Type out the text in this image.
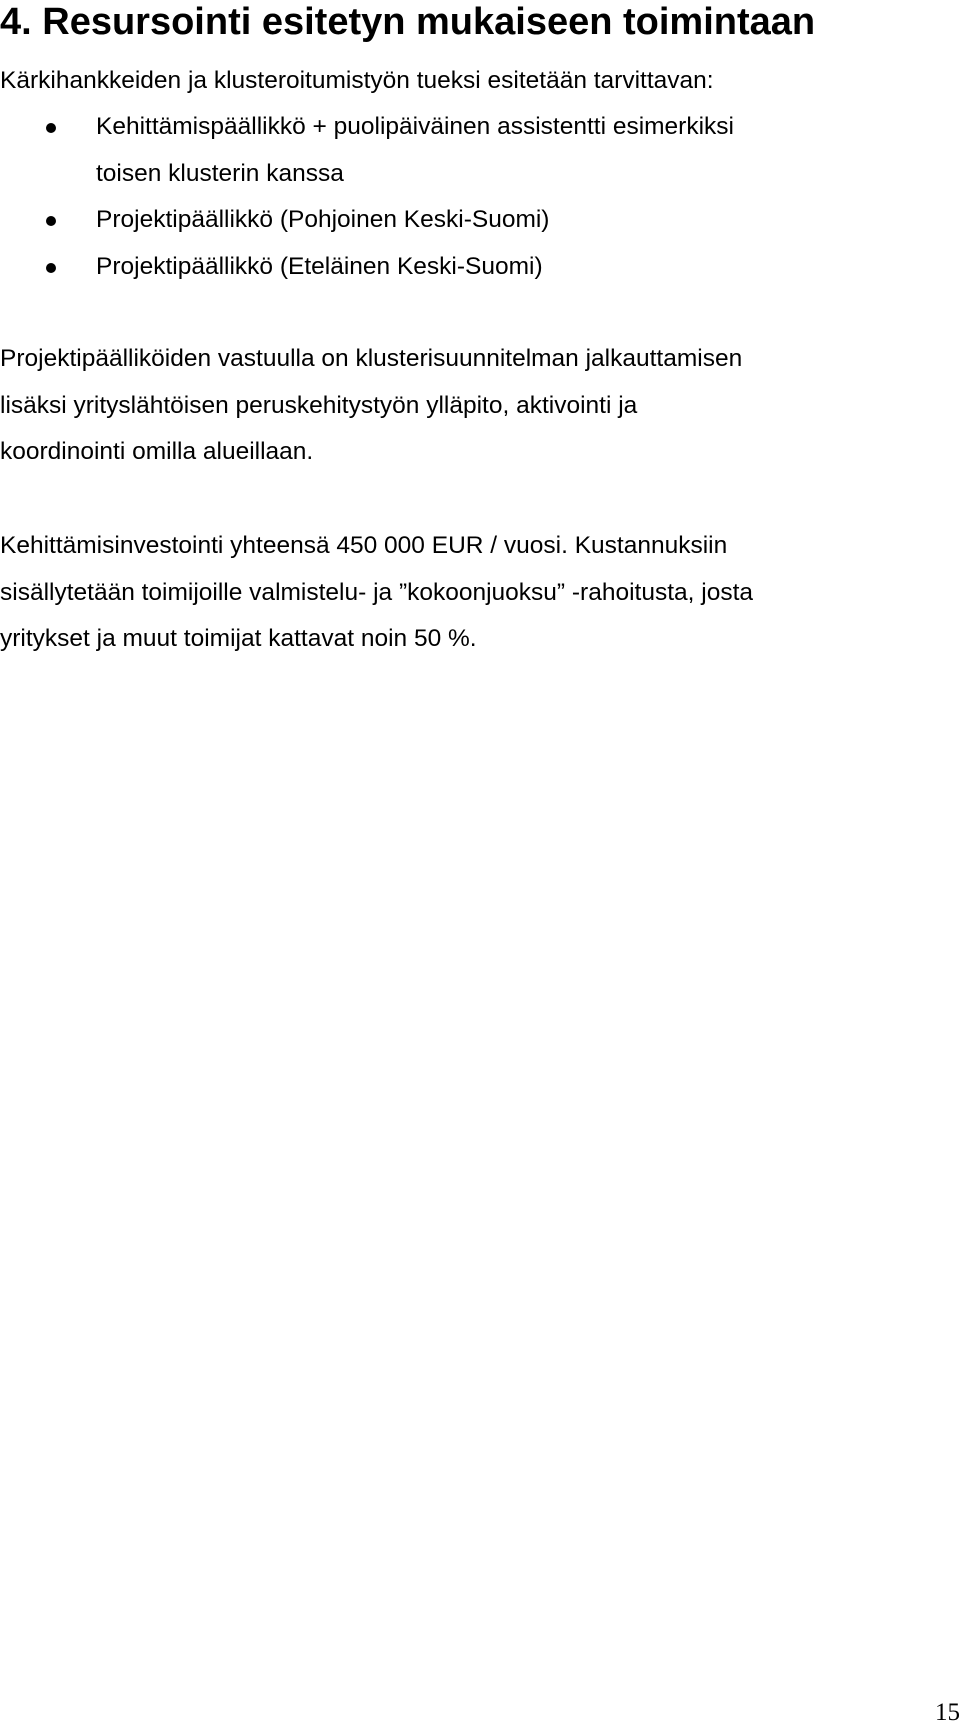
4. Resursointi esitetyn mukaiseen toimintaan

Kärkihankkeiden ja klusteroitumistyön tueksi esitetään tarvittavan:

Kehittämispäällikkö + puolipäiväinen assistentti esimerkiksi
toisen klusterin kanssa
Projektipäällikkö (Pohjoinen Keski-Suomi)
Projektipäällikkö (Eteläinen Keski-Suomi)

Projektipäälliköiden vastuulla on klusterisuunnitelman jalkauttamisen
lisäksi yrityslähtöisen peruskehitystyön ylläpito, aktivointi ja
koordinointi omilla alueillaan.

Kehittämisinvestointi yhteensä 450 000 EUR / vuosi. Kustannuksiin
sisällytetään toimijoille valmistelu- ja ”kokoonjuoksu” -rahoitusta, josta
yritykset ja muut toimijat kattavat noin 50 %.

15
